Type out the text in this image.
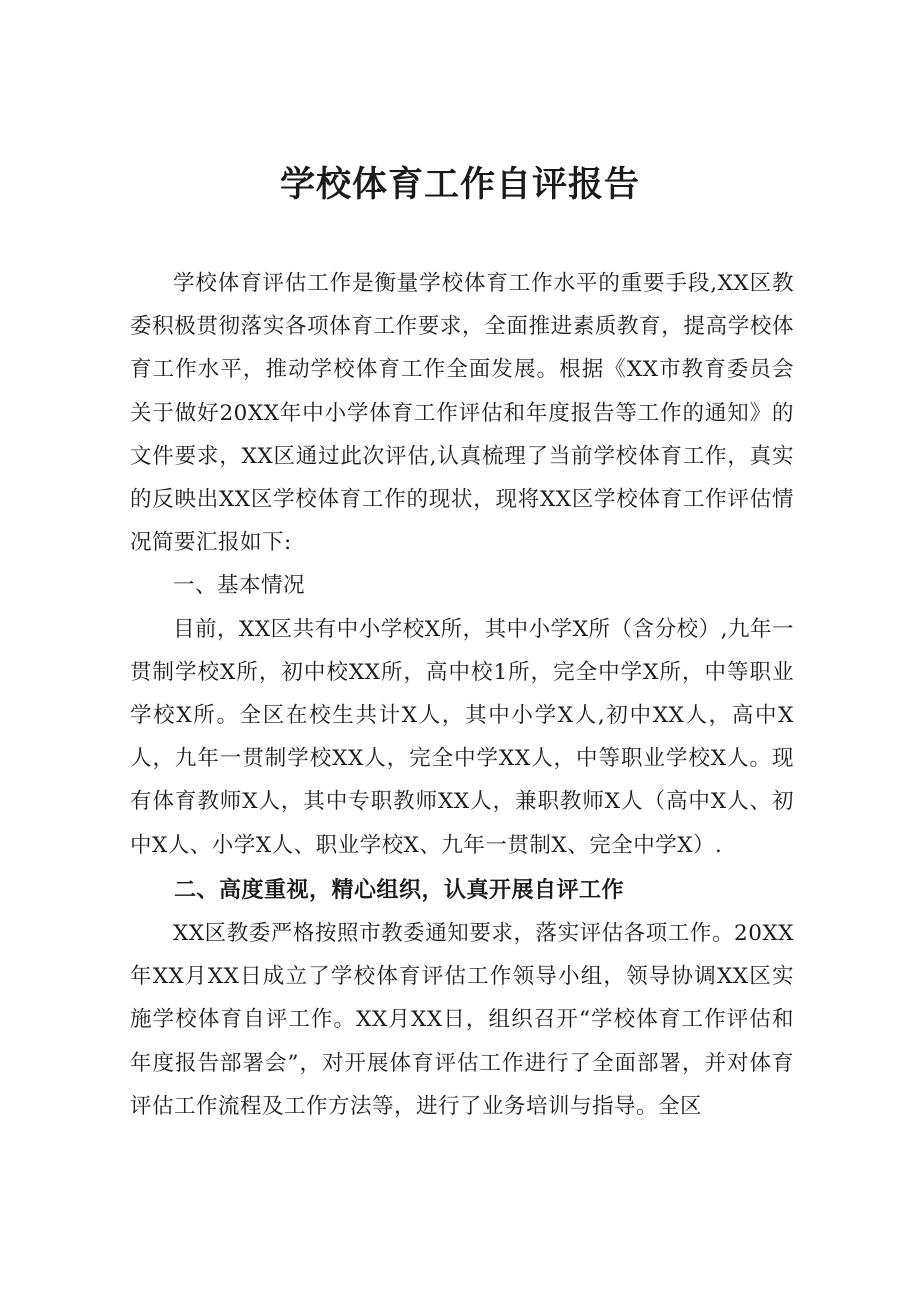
学校体育工作自评报告

学校体育评估工作是衡量学校体育工作水平的重要手段,XX区教委积极贯彻落实各项体育工作要求，全面推进素质教育，提高学校体育工作水平，推动学校体育工作全面发展。根据《XX市教育委员会关于做好20XX年中小学体育工作评估和年度报告等工作的通知》的文件要求，XX区通过此次评估,认真梳理了当前学校体育工作，真实的反映出XX区学校体育工作的现状，现将XX区学校体育工作评估情况简要汇报如下:

一、基本情况

目前，XX区共有中小学校X所，其中小学X所（含分校）,九年一贯制学校X所，初中校XX所，高中校1所，完全中学X所，中等职业学校X所。全区在校生共计X人，其中小学X人,初中XX人，高中X人，九年一贯制学校XX人，完全中学XX人，中等职业学校X人。现有体育教师X人，其中专职教师XX人，兼职教师X人（高中X人、初中X人、小学X人、职业学校X、九年一贯制X、完全中学X）.

二、高度重视，精心组织，认真开展自评工作

XX区教委严格按照市教委通知要求，落实评估各项工作。20XX年XX月XX日成立了学校体育评估工作领导小组，领导协调XX区实施学校体育自评工作。XX月XX日，组织召开“学校体育工作评估和年度报告部署会”，对开展体育评估工作进行了全面部署，并对体育评估工作流程及工作方法等，进行了业务培训与指导。全区
